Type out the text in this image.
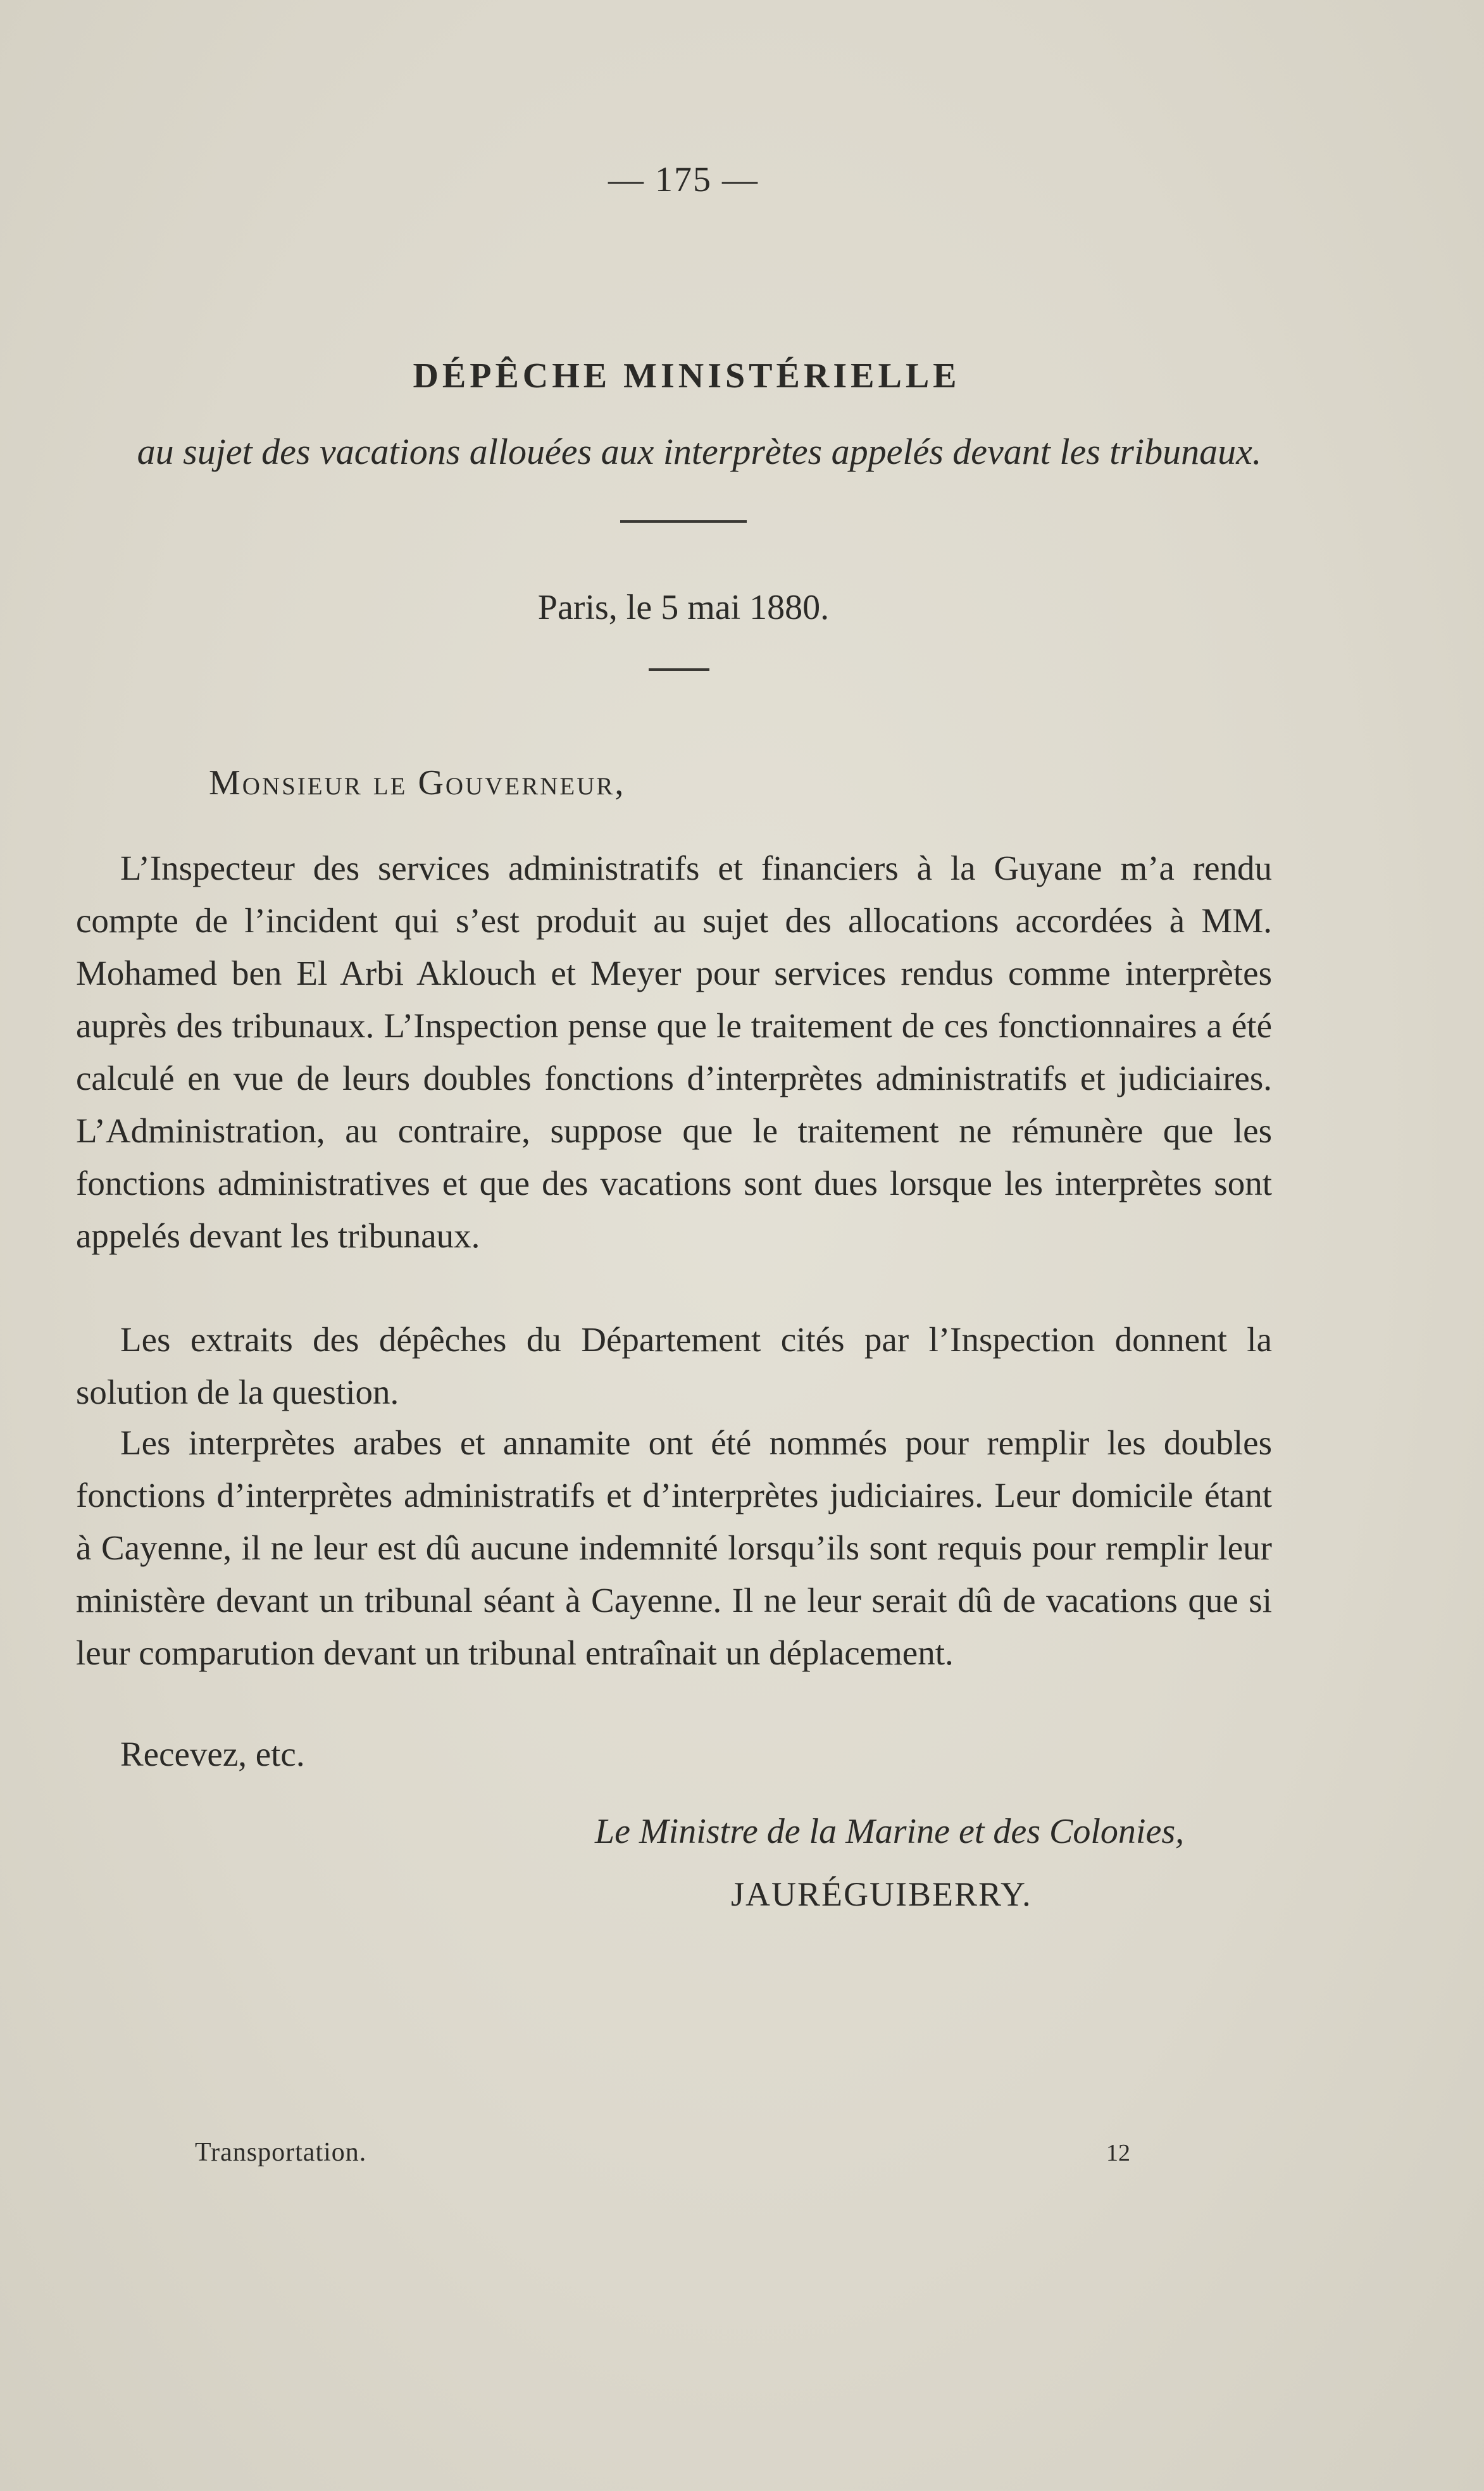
— 175 —
DÉPÊCHE MINISTÉRIELLE
au sujet des vacations allouées aux interprètes appelés devant les tribunaux.
Paris, le 5 mai 1880.
Monsieur le Gouverneur,

L’Inspecteur des services administratifs et financiers à la Guyane m’a rendu compte de l’incident qui s’est produit au sujet des allocations accordées à MM. Mohamed ben El Arbi Aklouch et Meyer pour services rendus comme interprètes auprès des tribunaux. L’Inspection pense que le traitement de ces fonctionnaires a été calculé en vue de leurs doubles fonctions d’interprètes administratifs et judiciaires. L’Administration, au contraire, suppose que le traitement ne rémunère que les fonctions administratives et que des vacations sont dues lorsque les interprètes sont appelés devant les tribunaux.

Les extraits des dépêches du Département cités par l’Inspection donnent la solution de la question.

Les interprètes arabes et annamite ont été nommés pour remplir les doubles fonctions d’interprètes administratifs et d’interprètes judiciaires. Leur domicile étant à Cayenne, il ne leur est dû aucune indemnité lorsqu’ils sont requis pour remplir leur ministère devant un tribunal séant à Cayenne. Il ne leur serait dû de vacations que si leur comparution devant un tribunal entraînait un déplacement.

Recevez, etc.

Le Ministre de la Marine et des Colonies,
JAURÉGUIBERRY.
Transportation.	12
